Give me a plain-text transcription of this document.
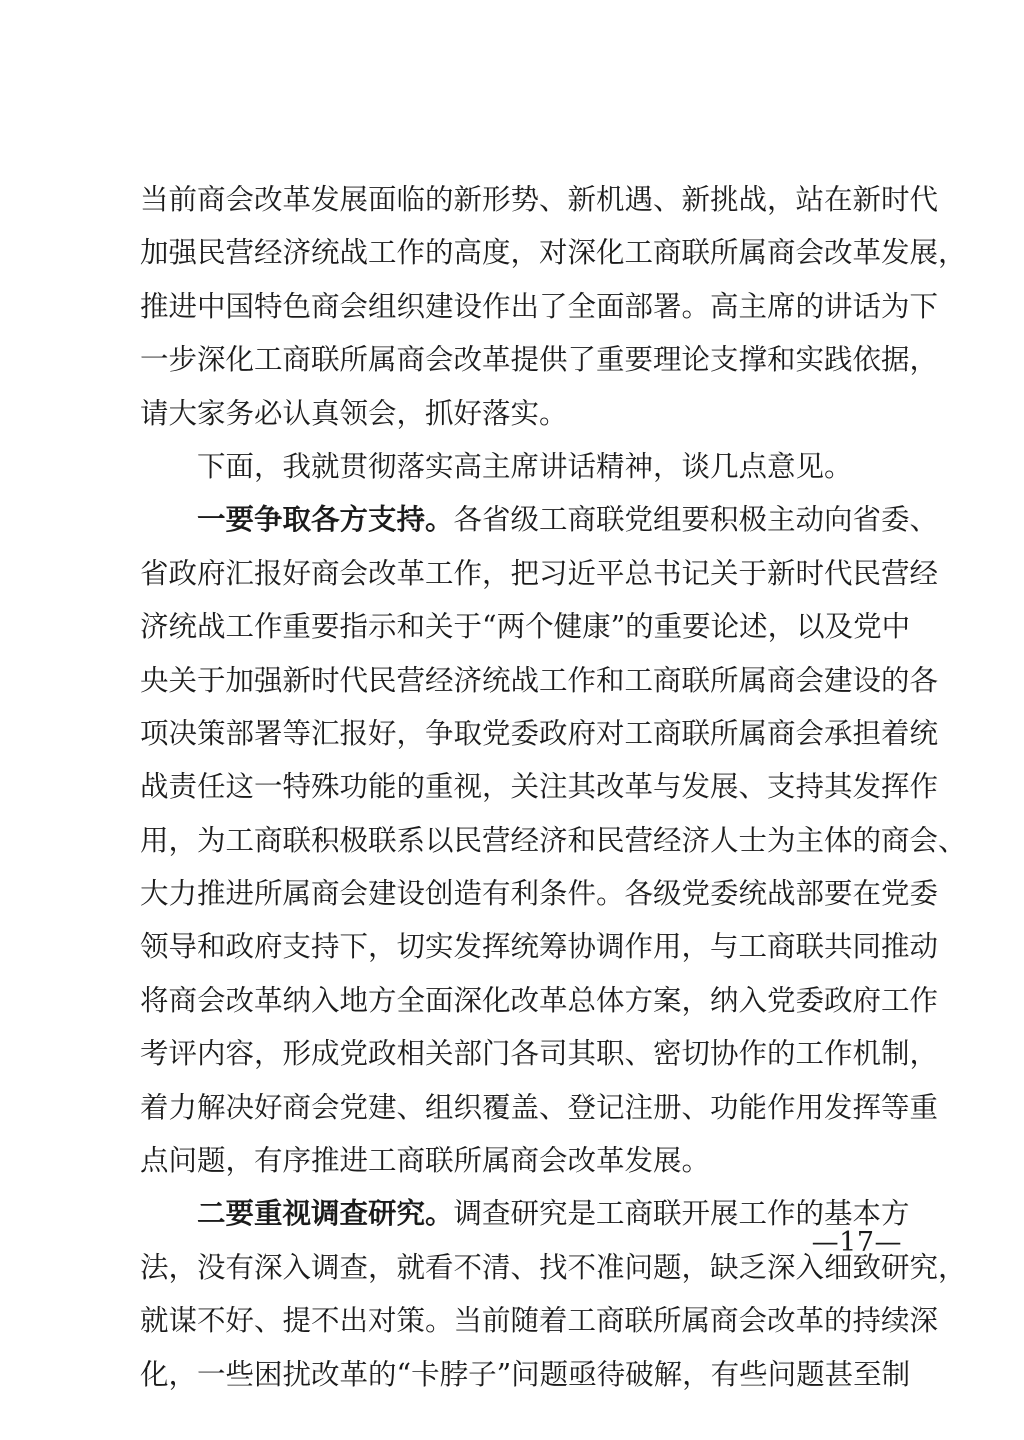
当前商会改革发展面临的新形势、新机遇、新挑战，站在新时代
加强民营经济统战工作的高度，对深化工商联所属商会改革发展，
推进中国特色商会组织建设作出了全面部署。高主席的讲话为下
一步深化工商联所属商会改革提供了重要理论支撑和实践依据，
请大家务必认真领会，抓好落实。
下面，我就贯彻落实高主席讲话精神，谈几点意见。
一要争取各方支持。各省级工商联党组要积极主动向省委、
省政府汇报好商会改革工作，把习近平总书记关于新时代民营经
济统战工作重要指示和关于“两个健康”的重要论述，以及党中
央关于加强新时代民营经济统战工作和工商联所属商会建设的各
项决策部署等汇报好，争取党委政府对工商联所属商会承担着统
战责任这一特殊功能的重视，关注其改革与发展、支持其发挥作
用，为工商联积极联系以民营经济和民营经济人士为主体的商会、
大力推进所属商会建设创造有利条件。各级党委统战部要在党委
领导和政府支持下，切实发挥统筹协调作用，与工商联共同推动
将商会改革纳入地方全面深化改革总体方案，纳入党委政府工作
考评内容，形成党政相关部门各司其职、密切协作的工作机制，
着力解决好商会党建、组织覆盖、登记注册、功能作用发挥等重
点问题，有序推进工商联所属商会改革发展。
二要重视调查研究。调查研究是工商联开展工作的基本方
法，没有深入调查，就看不清、找不准问题，缺乏深入细致研究，
就谋不好、提不出对策。当前随着工商联所属商会改革的持续深
化，一些困扰改革的“卡脖子”问题亟待破解，有些问题甚至制
—17—
